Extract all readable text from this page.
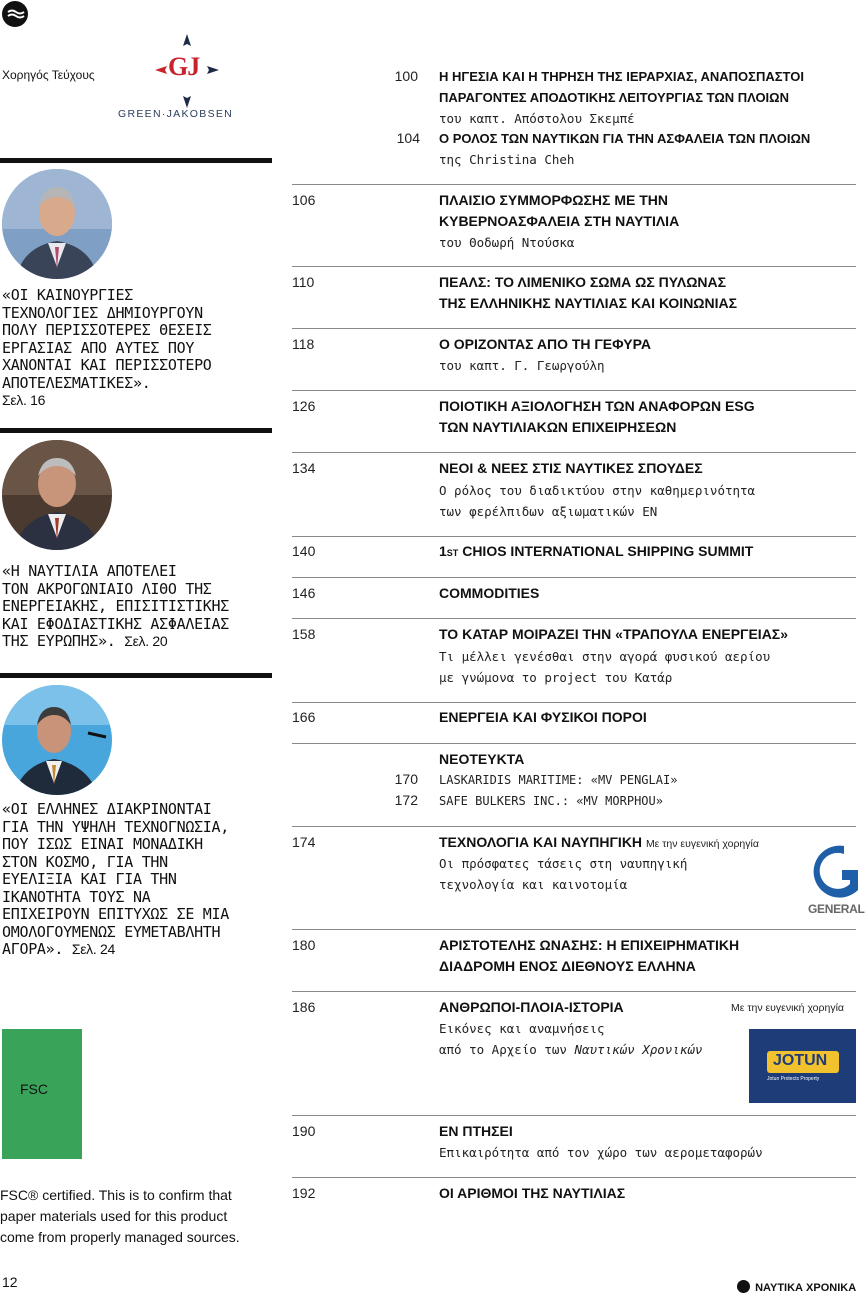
Χορηγός Τεύχους	GJ
GREEN·JAKOBSEN
«ΟΙ ΚΑΙΝΟΥΡΓΙΕΣ
ΤΕΧΝΟΛΟΓΙΕΣ ΔΗΜΙΟΥΡΓΟΥΝ
ΠΟΛΥ ΠΕΡΙΣΣΟΤΕΡΕΣ ΘΕΣΕΙΣ
ΕΡΓΑΣΙΑΣ ΑΠΟ ΑΥΤΕΣ ΠΟΥ
ΧΑΝΟΝΤΑΙ ΚΑΙ ΠΕΡΙΣΣΟΤΕΡΟ
ΑΠΟΤΕΛΕΣΜΑΤΙΚΕΣ».
Σελ. 16
«Η ΝΑΥΤΙΛΙΑ ΑΠΟΤΕΛΕΙ
ΤΟΝ ΑΚΡΟΓΩΝΙΑΙΟ ΛΙΘΟ ΤΗΣ
ΕΝΕΡΓΕΙΑΚΗΣ, ΕΠΙΣΙΤΙΣΤΙΚΗΣ
ΚΑΙ ΕΦΟΔΙΑΣΤΙΚΗΣ ΑΣΦΑΛΕΙΑΣ
ΤΗΣ ΕΥΡΩΠΗΣ». Σελ. 20
«ΟΙ ΕΛΛΗΝΕΣ ΔΙΑΚΡΙΝΟΝΤΑΙ
ΓΙΑ ΤΗΝ ΥΨΗΛΗ ΤΕΧΝΟΓΝΩΣΙΑ,
ΠΟΥ ΙΣΩΣ ΕΙΝΑΙ ΜΟΝΑΔΙΚΗ
ΣΤΟΝ ΚΟΣΜΟ, ΓΙΑ ΤΗΝ
ΕΥΕΛΙΞΙΑ ΚΑΙ ΓΙΑ ΤΗΝ
ΙΚΑΝΟΤΗΤΑ ΤΟΥΣ ΝΑ
ΕΠΙΧΕΙΡΟΥΝ ΕΠΙΤΥΧΩΣ ΣΕ ΜΙΑ
ΟΜΟΛΟΓΟΥΜΕΝΩΣ ΕΥΜΕΤΑΒΛΗΤΗ
ΑΓΟΡΑ». Σελ. 24
FSC
FSC® certified. This is to confirm that
paper materials used for this product
come from properly managed sources.
100 Η ΗΓΕΣΙΑ ΚΑΙ Η ΤΗΡΗΣΗ ΤΗΣ ΙΕΡΑΡΧΙΑΣ, ΑΝΑΠΟΣΠΑΣΤΟΙ
ΠΑΡΑΓΟΝΤΕΣ ΑΠΟΔΟΤΙΚΗΣ ΛΕΙΤΟΥΡΓΙΑΣ ΤΩΝ ΠΛΟΙΩΝ
του καπτ. Απόστολου Σκεμπέ
104 Ο ΡΟΛΟΣ ΤΩΝ ΝΑΥΤΙΚΩΝ ΓΙΑ ΤΗΝ ΑΣΦΑΛΕΙΑ ΤΩΝ ΠΛΟΙΩΝ
της Christina Cheh
106	ΠΛΑΙΣΙΟ ΣΥΜΜΟΡΦΩΣΗΣ ΜΕ ΤΗΝ
ΚΥΒΕΡΝΟΑΣΦΑΛΕΙΑ ΣΤΗ ΝΑΥΤΙΛΙΑ
του Θοδωρή Ντούσκα
110	ΠΕΑΛΣ: ΤΟ ΛΙΜΕΝΙΚΟ ΣΩΜΑ ΩΣ ΠΥΛΩΝΑΣ
ΤΗΣ ΕΛΛΗΝΙΚΗΣ ΝΑΥΤΙΛΙΑΣ ΚΑΙ ΚΟΙΝΩΝΙΑΣ
118	Ο ΟΡΙΖΟΝΤΑΣ ΑΠΟ ΤΗ ΓΕΦΥΡΑ
του καπτ. Γ. Γεωργούλη
126	ΠΟΙΟΤΙΚΗ ΑΞΙΟΛΟΓΗΣΗ ΤΩΝ ΑΝΑΦΟΡΩΝ ESG
ΤΩΝ ΝΑΥΤΙΛΙΑΚΩΝ ΕΠΙΧΕΙΡΗΣΕΩΝ
134	ΝΕΟΙ & ΝΕΕΣ ΣΤΙΣ ΝΑΥΤΙΚΕΣ ΣΠΟΥΔΕΣ
Ο ρόλος του διαδικτύου στην καθημερινότητα
των φερέλπιδων αξιωματικών ΕΝ
140	1ST CHIOS INTERNATIONAL SHIPPING SUMMIT
146	COMMODITIES
158	ΤΟ ΚΑΤΑΡ ΜΟΙΡΑΖΕΙ ΤΗΝ «ΤΡΑΠΟΥΛΑ ΕΝΕΡΓΕΙΑΣ»
Τι μέλλει γενέσθαι στην αγορά φυσικού αερίου
με γνώμονα το project του Κατάρ
166	ΕΝΕΡΓΕΙΑ ΚΑΙ ΦΥΣΙΚΟΙ ΠΟΡΟΙ
ΝΕΟΤΕΥΚΤΑ
170 LASKARIDIS MARITIME: «MV PENGLAI»
172 SAFE BULKERS INC.: «MV MORPHOU»
174	ΤΕΧΝΟΛΟΓΙΑ ΚΑΙ ΝΑΥΠΗΓΙΚΗ Με την ευγενική χορηγία
Οι πρόσφατες τάσεις στη ναυπηγική
τεχνολογία και καινοτομία
GENERAL
180	ΑΡΙΣΤΟΤΕΛΗΣ ΩΝΑΣΗΣ: Η ΕΠΙΧΕΙΡΗΜΑΤΙΚΗ
ΔΙΑΔΡΟΜΗ ΕΝΟΣ ΔΙΕΘΝΟΥΣ ΕΛΛΗΝΑ
186	ΑΝΘΡΩΠΟΙ-ΠΛΟΙΑ-ΙΣΤΟΡΙΑ	Με την ευγενική χορηγία
Εικόνες και αναμνήσεις
από το Αρχείο των Ναυτικών Χρονικών
JOTUN
Jotun Protects Property
190	ΕΝ ΠΤΗΣΕΙ
Επικαιρότητα από τον χώρο των αερομεταφορών
192	ΟΙ ΑΡΙΘΜΟΙ ΤΗΣ ΝΑΥΤΙΛΙΑΣ
12	ΝΑΥΤΙΚΑ ΧΡΟΝΙΚΑ
